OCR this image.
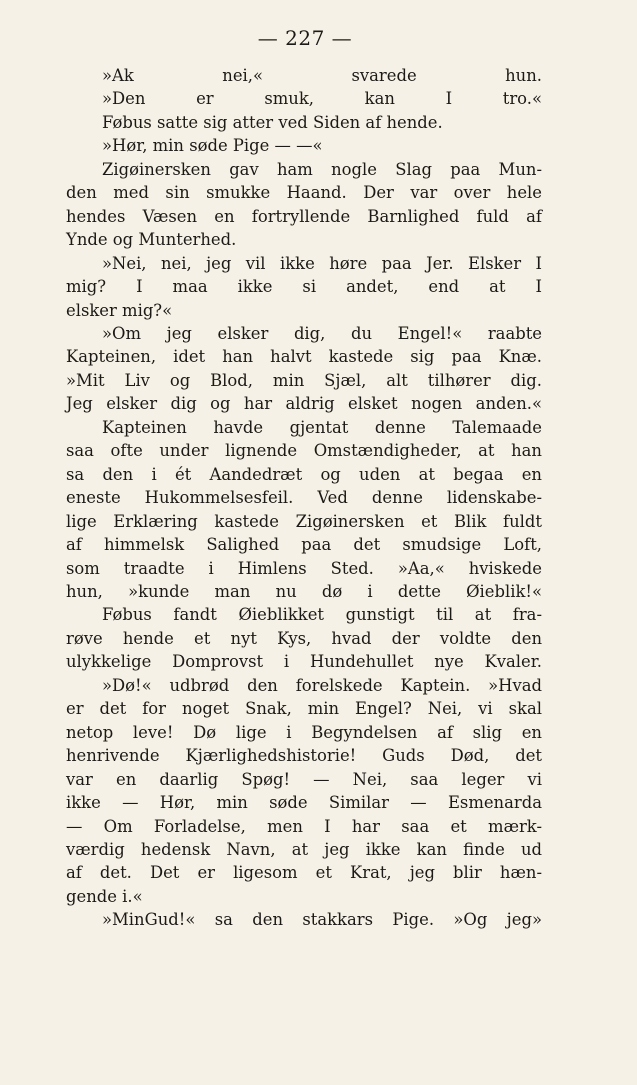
— 227 —
»Ak nei,« svarede hun.
»Den er smuk, kan I tro.«
Føbus satte sig atter ved Siden af hende.
»Hør, min søde Pige — —«
Zigøinersken gav ham nogle Slag paa Mun-
den med sin smukke Haand. Der var over hele
hendes Væsen en fortryllende Barnlighed fuld af
Ynde og Munterhed.
»Nei, nei, jeg vil ikke høre paa Jer. Elsker I
mig? I maa ikke si andet, end at I
elsker mig?«
»Om jeg elsker dig, du Engel!« raabte
Kapteinen, idet han halvt kastede sig paa Knæ.
»Mit Liv og Blod, min Sjæl, alt tilhører dig.
Jeg elsker dig og har aldrig elsket nogen anden.«
Kapteinen havde gjentat denne Talemaade
saa ofte under lignende Omstændigheder, at han
sa den i ét Aandedræt og uden at begaa en
eneste Hukommelsesfeil. Ved denne lidenskabe-
lige Erklæring kastede Zigøinersken et Blik fuldt
af himmelsk Salighed paa det smudsige Loft,
som traadte i Himlens Sted. »Aa,« hviskede
hun, »kunde man nu dø i dette Øieblik!«
Føbus fandt Øieblikket gunstigt til at fra-
røve hende et nyt Kys, hvad der voldte den
ulykkelige Domprovst i Hundehullet nye Kvaler.
»Dø!« udbrød den forelskede Kaptein. »Hvad
er det for noget Snak, min Engel? Nei, vi skal
netop leve! Dø lige i Begyndelsen af slig en
henrivende Kjærlighedshistorie! Guds Død, det
var en daarlig Spøg! — Nei, saa leger vi
ikke — Hør, min søde Similar — Esmenarda
— Om Forladelse, men I har saa et mærk-
værdig hedensk Navn, at jeg ikke kan finde ud
af det. Det er ligesom et Krat, jeg blir hæn-
gende i.«
»MinGud!« sa den stakkars Pige. »Og jeg»
